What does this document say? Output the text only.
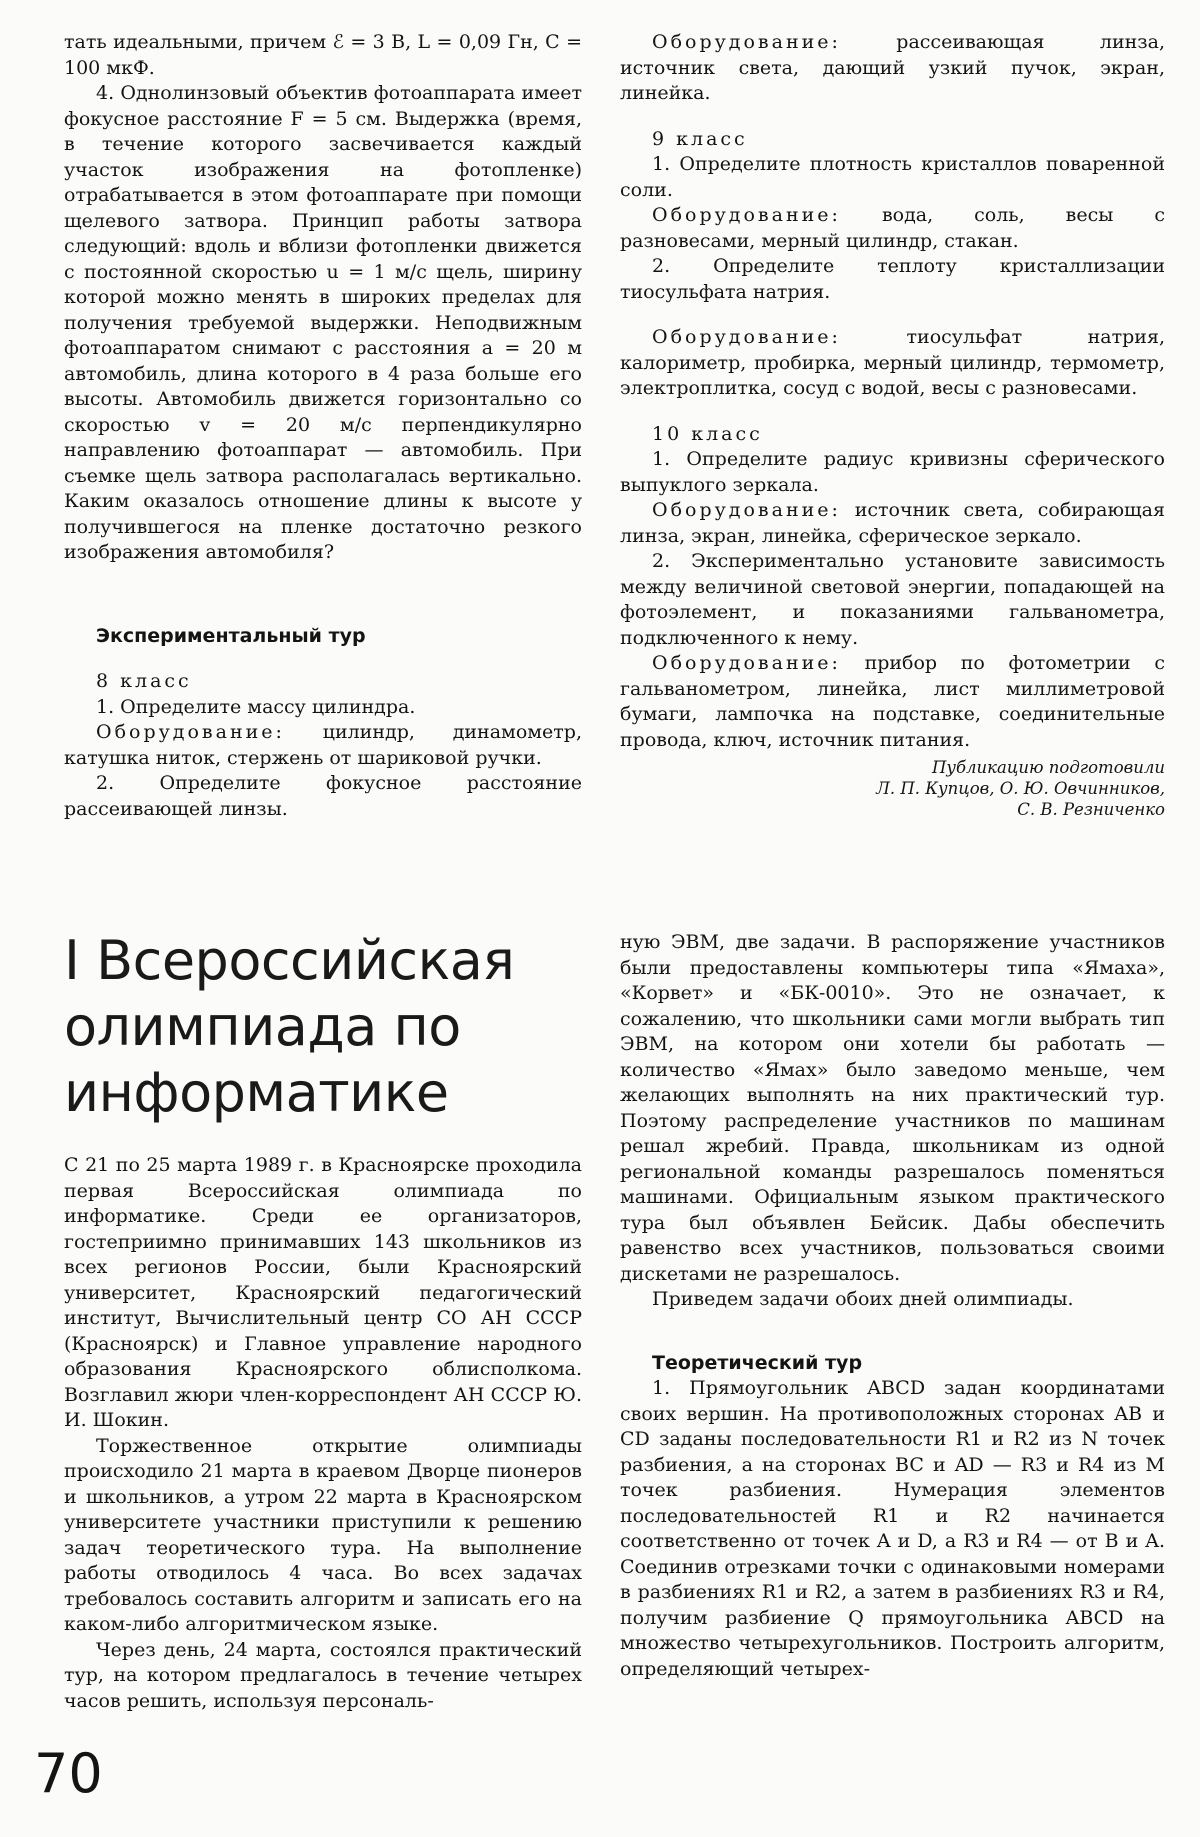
тать идеальными, причем ℰ = 3 В, L = 0,09 Гн, C = 100 мкФ.

4. Однолинзовый объектив фотоаппарата имеет фокусное расстояние F = 5 см. Выдержка (время, в течение которого засвечивается каждый участок изображения на фотопленке) отрабатывается в этом фотоаппарате при помощи щелевого затвора. Принцип работы затвора следующий: вдоль и вблизи фотопленки движется с постоянной скоростью u = 1 м/с щель, ширину которой можно менять в широких пределах для получения требуемой выдержки. Неподвижным фотоаппаратом снимают с расстояния a = 20 м автомобиль, длина которого в 4 раза больше его высоты. Автомобиль движется горизонтально со скоростью v = 20 м/с перпендикулярно направлению фотоаппарат — автомобиль. При съемке щель затвора располагалась вертикально. Каким оказалось отношение длины к высоте у получившегося на пленке достаточно резкого изображения автомобиля?

Экспериментальный тур

8 класс

1. Определите массу цилиндра.

Оборудование: цилиндр, динамометр, катушка ниток, стержень от шариковой ручки.

2. Определите фокусное расстояние рассеивающей линзы.

Оборудование:	рассеивающая линза, источник света, дающий узкий пучок, экран, линейка.

9 класс

1. Определите плотность кристаллов поваренной соли.

Оборудование: вода, соль, весы с разновесами, мерный цилиндр, стакан.

2. Определите теплоту кристаллизации тиосульфата натрия.

Оборудование:	тиосульфат натрия, калориметр, пробирка, мерный цилиндр, термометр, электроплитка, сосуд с водой, весы с разновесами.

10 класс

1. Определите радиус кривизны сферического выпуклого зеркала.

Оборудование: источник света, собирающая линза, экран, линейка, сферическое зеркало.

2. Экспериментально установите зависимость между величиной световой энергии, попадающей на фотоэлемент, и показаниями гальванометра, подключенного к нему.

Оборудование: прибор по фотометрии с гальванометром, линейка, лист миллиметровой бумаги, лампочка на подставке, соединительные провода, ключ, источник питания.

Публикацию подготовили
Л. П. Купцов, О. Ю. Овчинников,
С. В. Резниченко
I Всероссийская олимпиада по информатике

С 21 по 25 марта 1989 г. в Красноярске проходила первая Всероссийская олимпиада по информатике. Среди ее организаторов, гостеприимно принимавших 143 школьников из всех регионов России, были Красноярский университет, Красноярский педагогический институт, Вычислительный центр СО АН СССР (Красноярск) и Главное управление народного образования Красноярского облисполкома. Возглавил жюри член-корреспондент АН СССР Ю. И. Шокин.

Торжественное открытие олимпиады происходило 21 марта в краевом Дворце пионеров и школьников, а утром 22 марта в Красноярском университете участники приступили к решению задач теоретического тура. На выполнение работы отводилось 4 часа. Во всех задачах требовалось составить алгоритм и записать его на каком-либо алгоритмическом языке.

Через день, 24 марта, состоялся практический тур, на котором предлагалось в течение четырех часов решить, используя персональ-

ную ЭВМ, две задачи. В распоряжение участников были предоставлены компьютеры типа «Ямаха», «Корвет» и «БК-0010». Это не означает, к сожалению, что школьники сами могли выбрать тип ЭВМ, на котором они хотели бы работать — количество «Ямах» было заведомо меньше, чем желающих выполнять на них практический тур. Поэтому распределение участников по машинам решал жребий. Правда, школьникам из одной региональной команды разрешалось поменяться машинами. Официальным языком практического тура был объявлен Бейсик. Дабы обеспечить равенство всех участников, пользоваться своими дискетами не разрешалось.

Приведем задачи обоих дней олимпиады.

Теоретический тур

1. Прямоугольник ABCD задан координатами своих вершин. На противоположных сторонах AB и CD заданы последовательности R1 и R2 из N точек разбиения, а на сторонах BC и AD — R3 и R4 из M точек разбиения. Нумерация элементов последовательностей R1 и R2 начинается соответственно от точек A и D, а R3 и R4 — от B и A. Соединив отрезками точки с одинаковыми номерами в разбиениях R1 и R2, а затем в разбиениях R3 и R4, получим разбиение Q прямоугольника ABCD на множество четырехугольников. Построить алгоритм, определяющий четырех-

70
